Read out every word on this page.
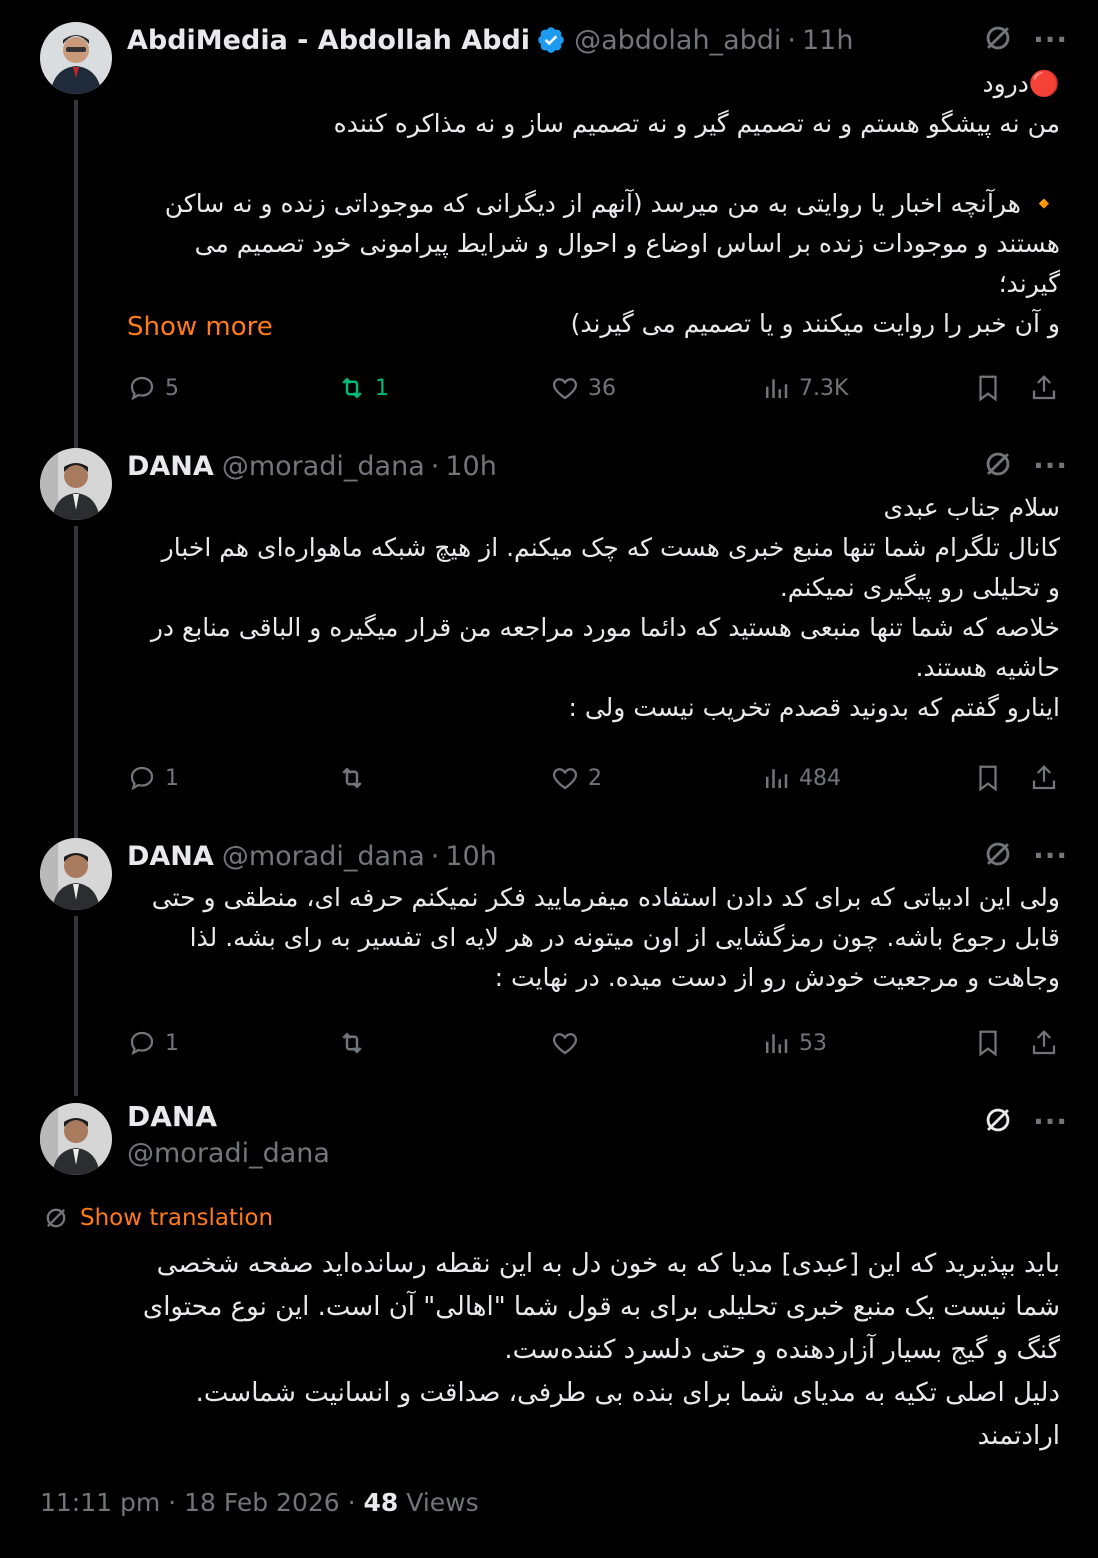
AbdiMedia - Abdollah Abdi @abdolah_abdi · 11h	···

🔴درود

من نه پیشگو هستم و نه تصمیم گیر و نه تصمیم ساز و نه مذاکره کننده

🔸 هرآنچه اخبار یا روایتی به من میرسد (آنهم از دیگرانی که موجوداتی زنده و نه ساکن

هستند و موجودات زنده بر اساس اوضاع و احوال و شرایط پیرامونی خود تصمیم می گیرند؛

و آن خبر را روایت میکنند و یا تصمیم می گیرند)

Show more
5	1	36	7.3K
DANA @moradi_dana · 10h	···

سلام جناب عبدی

کانال تلگرام شما تنها منبع خبری هست که چک میکنم. از هیچ شبکه ماهواره‌ای هم اخبار

و تحلیلی رو پیگیری نمیکنم.

خلاصه که شما تنها منبعی هستید که دائما مورد مراجعه من قرار میگیره و الباقی منابع در

حاشیه هستند.

اینارو گفتم که بدونید قصدم تخریب نیست ولی :

1	2	484
DANA @moradi_dana · 10h	···

ولی این ادبیاتی که برای کد دادن استفاده میفرمایید فکر نمیکنم حرفه ای، منطقی و حتی

قابل رجوع باشه. چون رمزگشایی از اون میتونه در هر لایه ای تفسیر به رای بشه. لذا

وجاهت و مرجعیت خودش رو از دست میده. در نهایت :

1	53
DANA
@moradi_dana
···
Show translation

باید بپذیرید که این [عبدی] مدیا که به خون دل به این نقطه رسانده‌اید صفحه شخصی

شما نیست یک منبع خبری تحلیلی برای به قول شما "اهالی" آن است. این نوع محتوای

گنگ و گیج بسیار آزاردهنده و حتی دلسرد کننده‌ست.

دلیل اصلی تکیه به مدیای شما برای بنده بی طرفی، صداقت و انسانیت شماست.

ارادتمند

11:11 pm · 18 Feb 2026 · 48 Views
